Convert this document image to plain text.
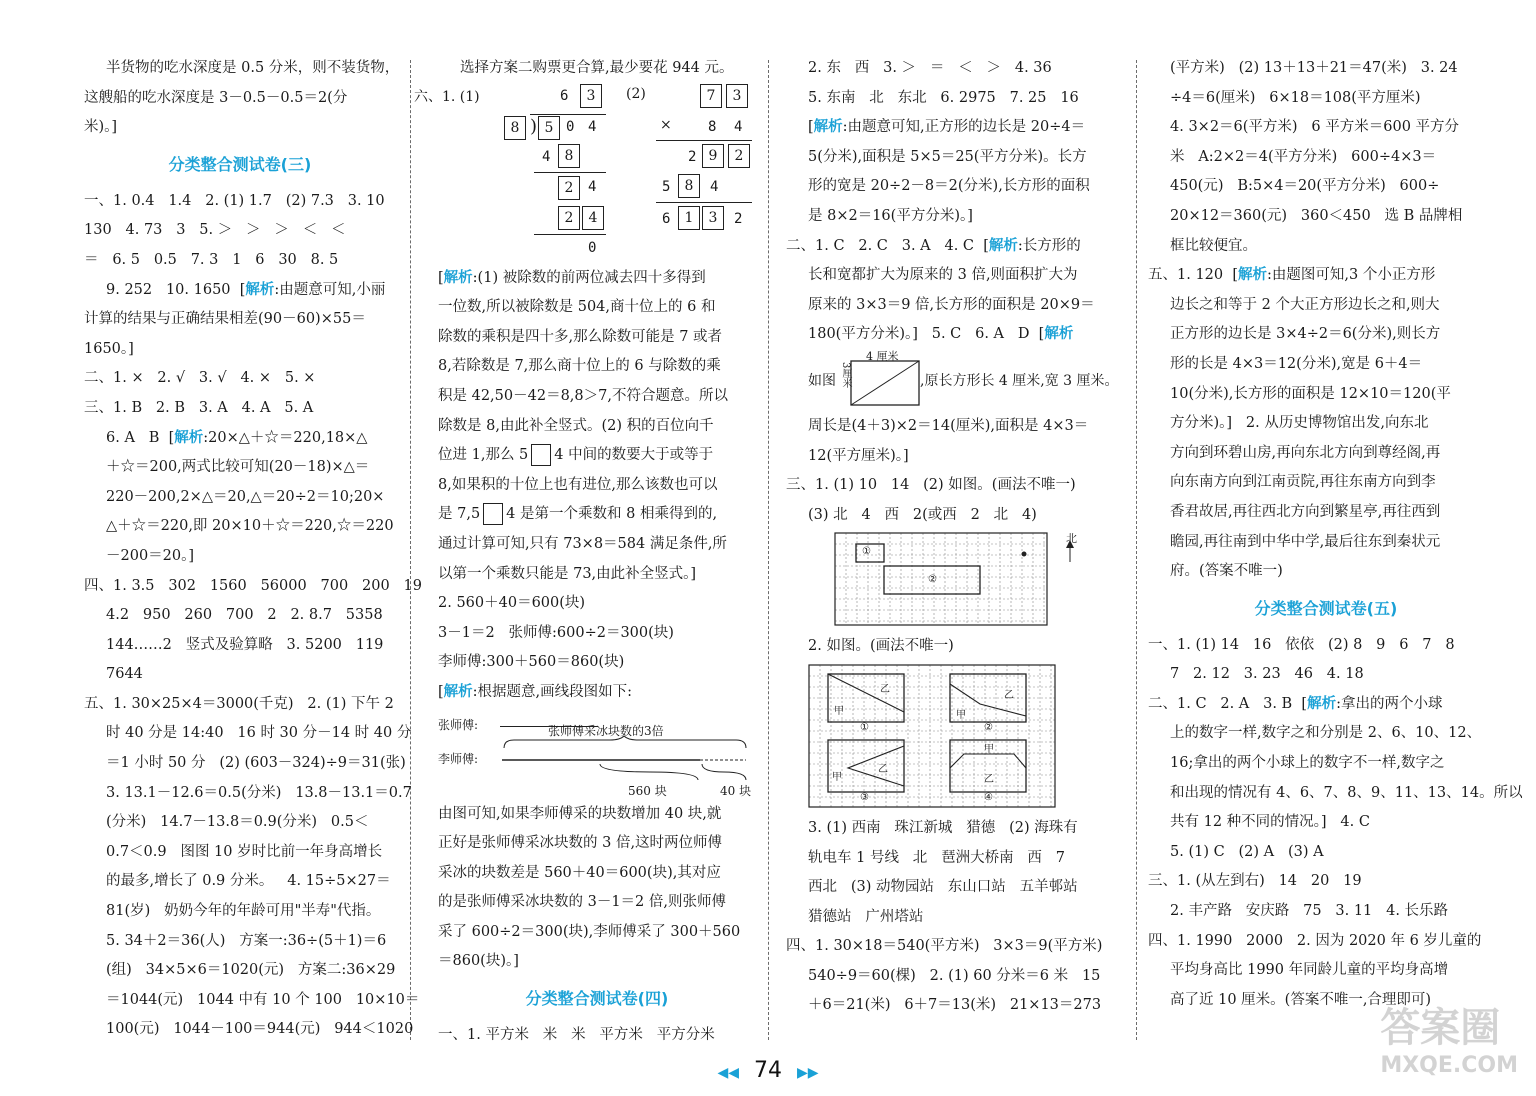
半货物的吃水深度是 0.5 分米，则不装货物，
这艘船的吃水深度是 3－0.5－0.5＝2(分
米)。]
分类整合测试卷(三)
一、1. 0.4   1.4   2. (1) 1.7   (2) 7.3   3. 10
130   4. 73   3   5. ＞   ＞   ＞   ＜   ＜
＝   6. 5   0.5   7. 3   1   6   30   8. 5
9. 252   10. 1650  [解析:由题意可知,小丽
计算的结果与正确结果相差(90－60)×55＝
1650。]
二、1. ×   2. √   3. √   4. ×   5. ×
三、1. B   2. B   3. A   4. A   5. A
6. A   B  [解析:20×△＋☆＝220,18×△
＋☆＝200,两式比较可知(20－18)×△＝
220－200,2×△＝20,△＝20÷2＝10;20×
△＋☆＝220,即 20×10＋☆＝220,☆＝220
－200＝20。]
四、1. 3.5   302   1560   56000   700   200   19
4.2   950   260   700   2   2. 8.7   5358
144……2   竖式及验算略   3. 5200   119
7644
五、1. 30×25×4＝3000(千克)   2. (1) 下午 2
时 40 分是 14:40   16 时 30 分－14 时 40 分
＝1 小时 50 分   (2) (603－324)÷9＝31(张)
3. 13.1－12.6＝0.5(分米)   13.8－13.1＝0.7
(分米)   14.7－13.8＝0.9(分米)   0.5＜
0.7＜0.9   图图 10 岁时比前一年身高增长
的最多,增长了 0.9 分米。   4. 15÷5×27＝
81(岁)   奶奶今年的年龄可用"半寿"代指。
5. 34＋2＝36(人)   方案一:36÷(5＋1)＝6
(组)   34×5×6＝1020(元)   方案二:36×29
＝1044(元)   1044 中有 10 个 100   10×10＝
100(元)   1044－100＝944(元)   944＜1020
选择方案二购票更合算,最少要花 944 元。
六、1. (1)	(2)
6	3
8 ) 5 0 4
4	8
2	4
2	4
0
7	3
×	8 4
2 9	2
5	8	4
6	1	3	2
[解析:(1) 被除数的前两位减去四十多得到
一位数,所以被除数是 504,商十位上的 6 和
除数的乘积是四十多,那么除数可能是 7 或者
8,若除数是 7,那么商十位上的 6 与除数的乘
积是 42,50－42＝8,8＞7,不符合题意。所以
除数是 8,由此补全竖式。(2) 积的百位向千
位进 1,那么 5 4 中间的数要大于或等于
8,如果积的十位上也有进位,那么该数也可以
是 7,5 4 是第一个乘数和 8 相乘得到的,
通过计算可知,只有 73×8＝584 满足条件,所
以第一个乘数只能是 73,由此补全竖式。]
2. 560＋40＝600(块)
3－1＝2   张师傅:600÷2＝300(块)
李师傅:300＋560＝860(块)
[解析:根据题意,画线段图如下:
张师傅:
李师傅:
张师傅采冰块数的3倍
560 块	40 块
由图可知,如果李师傅采的块数增加 40 块,就
正好是张师傅采冰块数的 3 倍,这时两位师傅
采冰的块数差是 560＋40＝600(块),其对应
的是张师傅采冰块数的 3－1＝2 倍,则张师傅
采了 600÷2＝300(块),李师傅采了 300＋560
＝860(块)。]
分类整合测试卷(四)
一、1. 平方米   米   米   平方米   平方分米
2. 东   西   3. ＞   ＝   ＜   ＞   4. 36
5. 东南   北   东北   6. 2975   7. 25   16
[解析:由题意可知,正方形的边长是 20÷4＝
5(分米),面积是 5×5＝25(平方分米)。长方
形的宽是 20÷2－8＝2(分米),长方形的面积
是 8×2＝16(平方分米)。]
二、1. C   2. C   3. A   4. C  [解析:长方形的
长和宽都扩大为原来的 3 倍,则面积扩大为
原来的 3×3＝9 倍,长方形的面积是 20×9＝
180(平方分米)。]   5. C   6. A   D  [解析
如图
4 厘米
3厘米	,原长方形长 4 厘米,宽 3 厘米。
周长是(4＋3)×2＝14(厘米),面积是 4×3＝
12(平方厘米)。]
三、1. (1) 10   14   (2) 如图。(画法不唯一)
(3) 北   4   西   2(或西   2   北   4)
北
①
②
2. 如图。(画法不唯一)
甲
乙
甲
乙
甲
乙
甲
乙
①	②
③	④
3. (1) 西南   珠江新城   猎德   (2) 海珠有
轨电车 1 号线   北   琶洲大桥南   西   7
西北   (3) 动物园站   东山口站   五羊邨站
猎德站   广州塔站
四、1. 30×18＝540(平方米)   3×3＝9(平方米)
540÷9＝60(棵)   2. (1) 60 分米＝6 米   15
＋6＝21(米)   6＋7＝13(米)   21×13＝273
(平方米)   (2) 13＋13＋21＝47(米)   3. 24
÷4＝6(厘米)   6×18＝108(平方厘米)
4. 3×2＝6(平方米)   6 平方米＝600 平方分
米   A:2×2＝4(平方分米)   600÷4×3＝
450(元)   B:5×4＝20(平方分米)   600÷
20×12＝360(元)   360＜450   选 B 品牌相
框比较便宜。
五、1. 120  [解析:由题图可知,3 个小正方形
边长之和等于 2 个大正方形边长之和,则大
正方形的边长是 3×4÷2＝6(分米),则长方
形的长是 4×3＝12(分米),宽是 6＋4＝
10(分米),长方形的面积是 12×10＝120(平
方分米)。]   2. 从历史博物馆出发,向东北
方向到环碧山房,再向东北方向到尊经阁,再
向东南方向到江南贡院,再往东南方向到李
香君故居,再往西北方向到繁星亭,再往西到
瞻园,再往南到中华中学,最后往东到秦状元
府。(答案不唯一)
分类整合测试卷(五)
一、1. (1) 14   16   依依   (2) 8   9   6   7   8
7   2. 12   3. 23   46   4. 18
二、1. C   2. A   3. B  [解析:拿出的两个小球
上的数字一样,数字之和分别是 2、6、10、12、
16;拿出的两个小球上的数字不一样,数字之
和出现的情况有 4、6、7、8、9、11、13、14。所以
共有 12 种不同的情况。]   4. C
5. (1) C   (2) A   (3) A
三、1. (从左到右)   14   20   19
2. 丰产路   安庆路   75   3. 11   4. 长乐路
四、1. 1990   2000   2. 因为 2020 年 6 岁儿童的
平均身高比 1990 年同龄儿童的平均身高增
高了近 10 厘米。(答案不唯一,合理即可)
◀◀ 74 ▶▶
答案圈
MXQE.COM
